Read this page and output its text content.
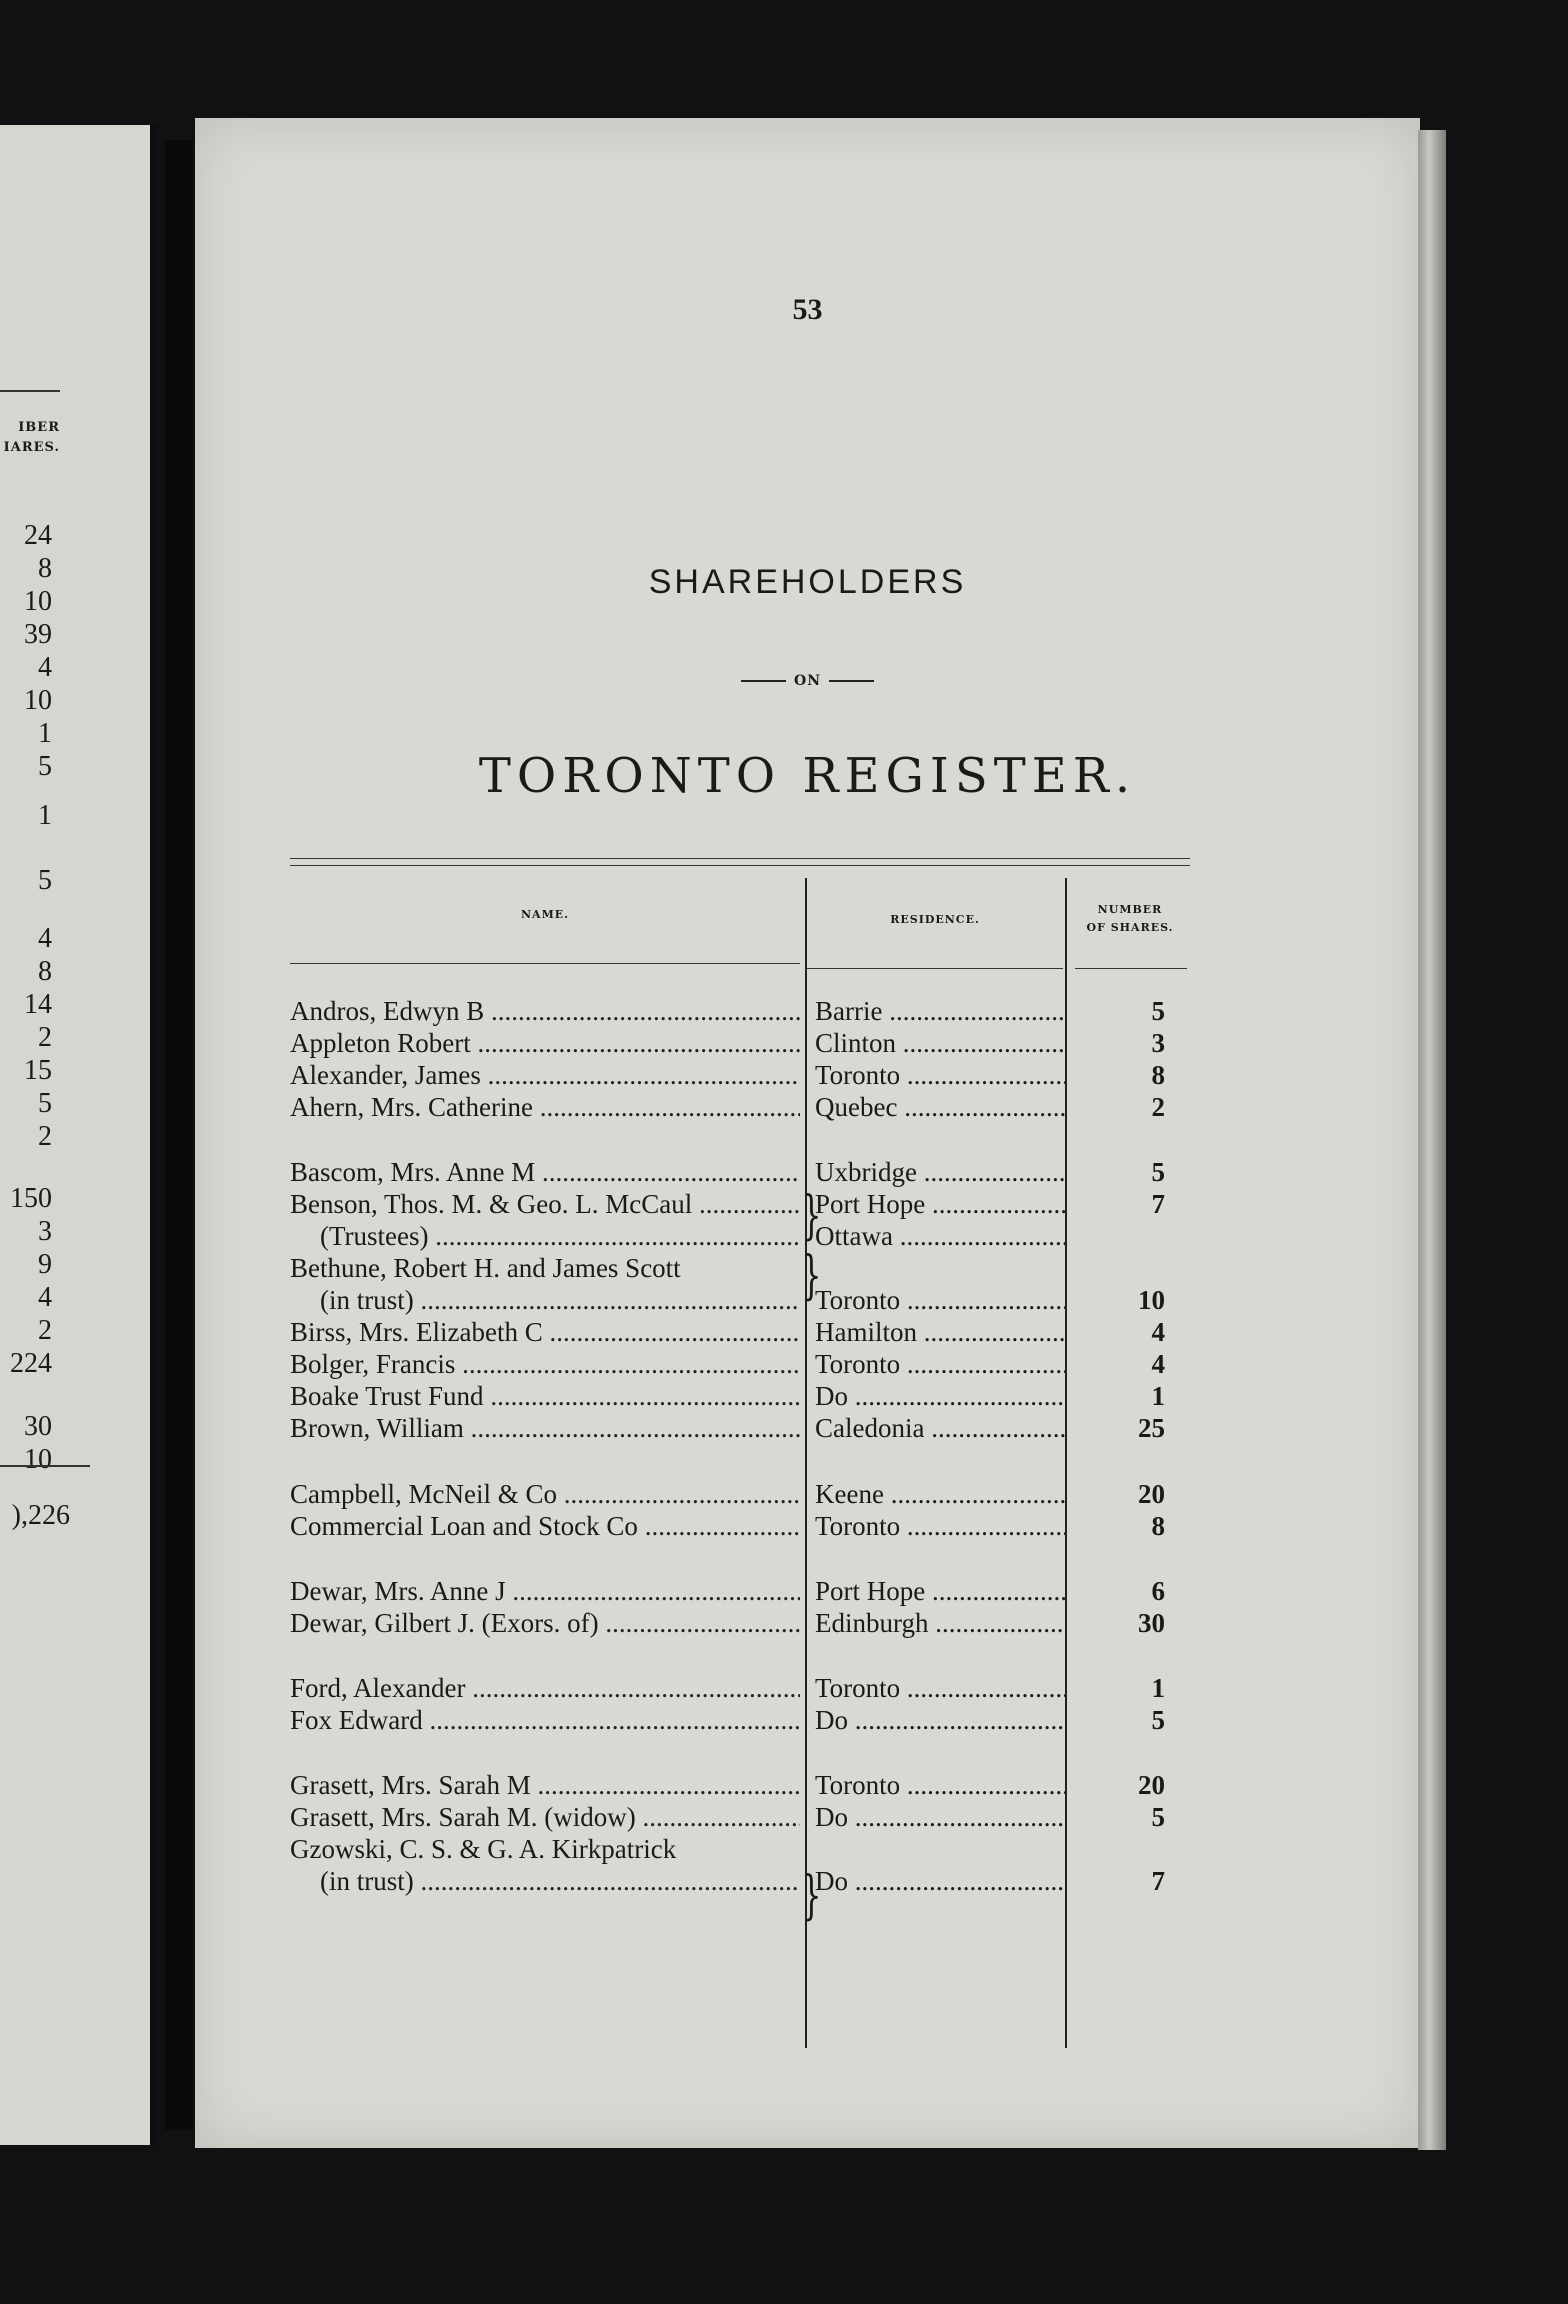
IBER
IARES.
24
8
10
39
4
10
1
5
1
5
4
8
14
2
15
5
2
150
3
9
4
2
224
30
10
),226
53
SHAREHOLDERS
ON
TORONTO REGISTER.
NAME.	RESIDENCE.
NUMBER
OF SHARES.
Andros, Edwyn B .....	Barrie .....	5
Appleton Robert .....	Clinton .....	3
Alexander, James .....	Toronto .....	8
Ahern, Mrs. Catherine .....	Quebec .....	2
Bascom, Mrs. Anne M .....	Uxbridge .....	5
Benson, Thos. M. & Geo. L. McCaul .....	Port Hope .....	7
(Trustees) .....	Ottawa .....
Bethune, Robert H. and James Scott
(in trust) .....	Toronto .....	10
Birss, Mrs. Elizabeth C .....	Hamilton .....	4
Bolger, Francis .....	Toronto .....	4
Boake Trust Fund .....	Do .....	1
Brown, William .....	Caledonia .....	25
Campbell, McNeil & Co .....	Keene .....	20
Commercial Loan and Stock Co .....	Toronto .....	8
Dewar, Mrs. Anne J .....	Port Hope .....	6
Dewar, Gilbert J. (Exors. of) .....	Edinburgh .....	30
Ford, Alexander .....	Toronto .....	1
Fox Edward .....	Do .....	5
Grasett, Mrs. Sarah M .....	Toronto .....	20
Grasett, Mrs. Sarah M. (widow) .....	Do .....	5
Gzowski, C. S. & G. A. Kirkpatrick
(in trust) .....	Do .....	7
}
}
}
